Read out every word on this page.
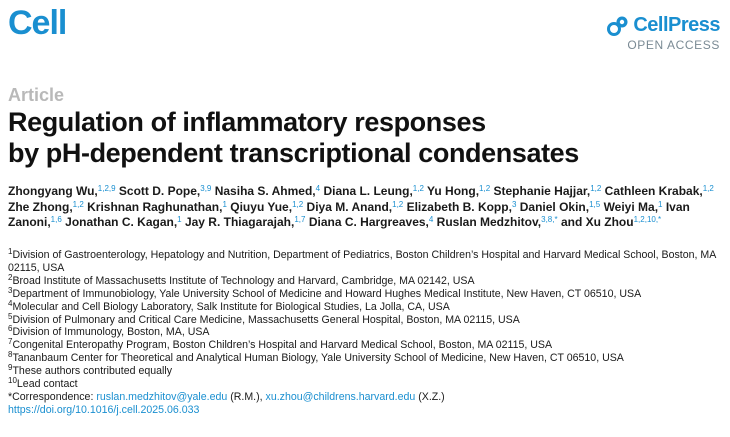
Cell	CellPress
OPEN ACCESS
Article
Regulation of inflammatory responses
by pH-dependent transcriptional condensates
Zhongyang Wu,$^{1,2,9}$ Scott D. Pope,$^{3,9}$ Nasiha S. Ahmed,$^4$ Diana L. Leung,$^{1,2}$ Yu Hong,$^{1,2}$ Stephanie Hajjar,$^{1,2}$ Cathleen Krabak,$^{1,2}$ Zhe Zhong,$^{1,2}$ Krishnan Raghunathan,$^1$ Qiuyu Yue,$^{1,2}$ Diya M. Anand,$^{1,2}$ Elizabeth B. Kopp,$^3$ Daniel Okin,$^{1,5}$ Weiyi Ma,$^1$ Ivan Zanoni,$^{1,6}$ Jonathan C. Kagan,$^1$ Jay R. Thiagarajah,$^{1,7}$ Diana C. Hargreaves,$^4$ Ruslan Medzhitov,$^{3,8,*}$ and Xu Zhou$^{1,2,10,*}$

$^1$Division of Gastroenterology, Hepatology and Nutrition, Department of Pediatrics, Boston Children’s Hospital and Harvard Medical School, Boston, MA 02115, USA

$^2$Broad Institute of Massachusetts Institute of Technology and Harvard, Cambridge, MA 02142, USA

$^3$Department of Immunobiology, Yale University School of Medicine and Howard Hughes Medical Institute, New Haven, CT 06510, USA

$^4$Molecular and Cell Biology Laboratory, Salk Institute for Biological Studies, La Jolla, CA, USA

$^5$Division of Pulmonary and Critical Care Medicine, Massachusetts General Hospital, Boston, MA 02115, USA

$^6$Division of Immunology, Boston, MA, USA

$^7$Congenital Enteropathy Program, Boston Children’s Hospital and Harvard Medical School, Boston, MA 02115, USA

$^8$Tananbaum Center for Theoretical and Analytical Human Biology, Yale University School of Medicine, New Haven, CT 06510, USA

$^9$These authors contributed equally

$^{10}$Lead contact

*Correspondence: ruslan.medzhitov@yale.edu (R.M.), xu.zhou@childrens.harvard.edu (X.Z.)

https://doi.org/10.1016/j.cell.2025.06.033
